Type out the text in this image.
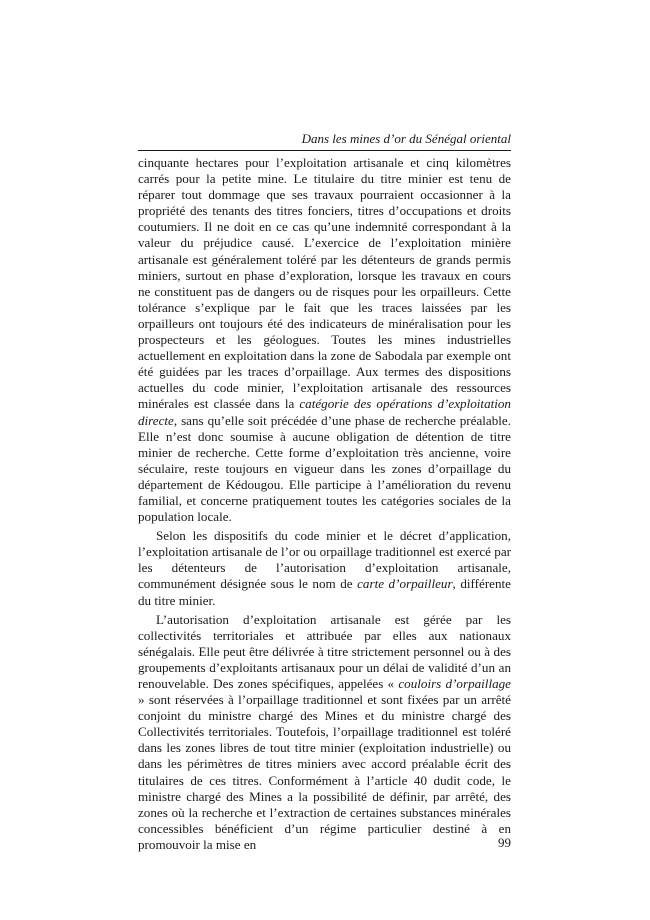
Dans les mines d’or du Sénégal oriental

cinquante hectares pour l’exploitation artisanale et cinq kilomètres carrés pour la petite mine. Le titulaire du titre minier est tenu de réparer tout dommage que ses travaux pourraient occasionner à la propriété des tenants des titres fonciers, titres d’occupations et droits coutumiers. Il ne doit en ce cas qu’une indemnité correspondant à la valeur du préjudice causé. L’exercice de l’exploitation minière artisanale est généralement toléré par les détenteurs de grands permis miniers, surtout en phase d’exploration, lorsque les travaux en cours ne constituent pas de dangers ou de risques pour les orpailleurs. Cette tolérance s’explique par le fait que les traces laissées par les orpailleurs ont toujours été des indicateurs de minéralisation pour les prospecteurs et les géologues. Toutes les mines industrielles actuellement en exploitation dans la zone de Sabodala par exemple ont été guidées par les traces d’orpaillage. Aux termes des dispositions actuelles du code minier, l’exploitation artisanale des ressources minérales est classée dans la catégorie des opérations d’exploitation directe, sans qu’elle soit précédée d’une phase de recherche préalable. Elle n’est donc soumise à aucune obligation de détention de titre minier de recherche. Cette forme d’exploitation très ancienne, voire séculaire, reste toujours en vigueur dans les zones d’orpaillage du département de Kédougou. Elle participe à l’amélioration du revenu familial, et concerne pratiquement toutes les catégories sociales de la population locale.

Selon les dispositifs du code minier et le décret d’application, l’exploitation artisanale de l’or ou orpaillage traditionnel est exercé par les détenteurs de l’autorisation d’exploitation artisanale, communément désignée sous le nom de carte d’orpailleur, différente du titre minier.

L’autorisation d’exploitation artisanale est gérée par les collectivités territoriales et attribuée par elles aux nationaux sénégalais. Elle peut être délivrée à titre strictement personnel ou à des groupements d’exploitants artisanaux pour un délai de validité d’un an renouvelable. Des zones spécifiques, appelées « couloirs d’orpaillage » sont réservées à l’orpaillage traditionnel et sont fixées par un arrêté conjoint du ministre chargé des Mines et du ministre chargé des Collectivités territoriales. Toutefois, l’orpaillage traditionnel est toléré dans les zones libres de tout titre minier (exploitation industrielle) ou dans les périmètres de titres miniers avec accord préalable écrit des titulaires de ces titres. Conformément à l’article 40 dudit code, le ministre chargé des Mines a la possibilité de définir, par arrêté, des zones où la recherche et l’extraction de certaines substances minérales concessibles bénéficient d’un régime particulier destiné à en promouvoir la mise en	99
